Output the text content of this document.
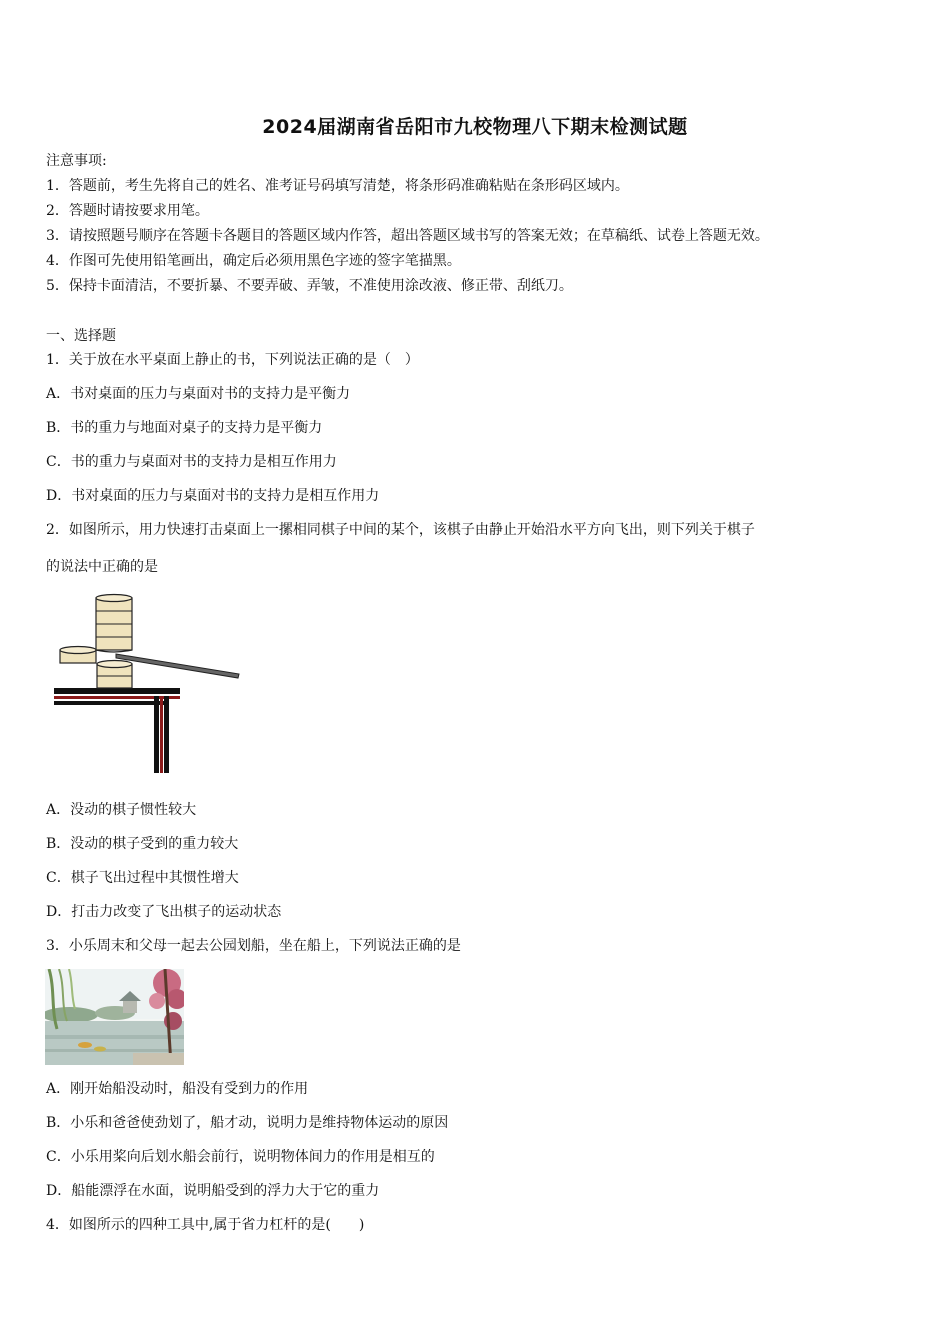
2024届湖南省岳阳市九校物理八下期末检测试题
注意事项:
1．答题前，考生先将自己的姓名、准考证号码填写清楚，将条形码准确粘贴在条形码区域内。
2．答题时请按要求用笔。
3．请按照题号顺序在答题卡各题目的答题区域内作答，超出答题区域书写的答案无效；在草稿纸、试卷上答题无效。
4．作图可先使用铅笔画出，确定后必须用黑色字迹的签字笔描黑。
5．保持卡面清洁，不要折暴、不要弄破、弄皱，不准使用涂改液、修正带、刮纸刀。
一、选择题
1．关于放在水平桌面上静止的书，下列说法正确的是（　）
A．书对桌面的压力与桌面对书的支持力是平衡力
B．书的重力与地面对桌子的支持力是平衡力
C．书的重力与桌面对书的支持力是相互作用力
D．书对桌面的压力与桌面对书的支持力是相互作用力
2．如图所示，用力快速打击桌面上一摞相同棋子中间的某个，该棋子由静止开始沿水平方向飞出，则下列关于棋子
的说法中正确的是
A．没动的棋子惯性较大
B．没动的棋子受到的重力较大
C．棋子飞出过程中其惯性增大
D．打击力改变了飞出棋子的运动状态
3．小乐周末和父母一起去公园划船，坐在船上，下列说法正确的是
A．刚开始船没动时，船没有受到力的作用
B．小乐和爸爸使劲划了，船才动，说明力是维持物体运动的原因
C．小乐用桨向后划水船会前行，说明物体间力的作用是相互的
D．船能漂浮在水面，说明船受到的浮力大于它的重力
4．如图所示的四种工具中,属于省力杠杆的是(　　)
